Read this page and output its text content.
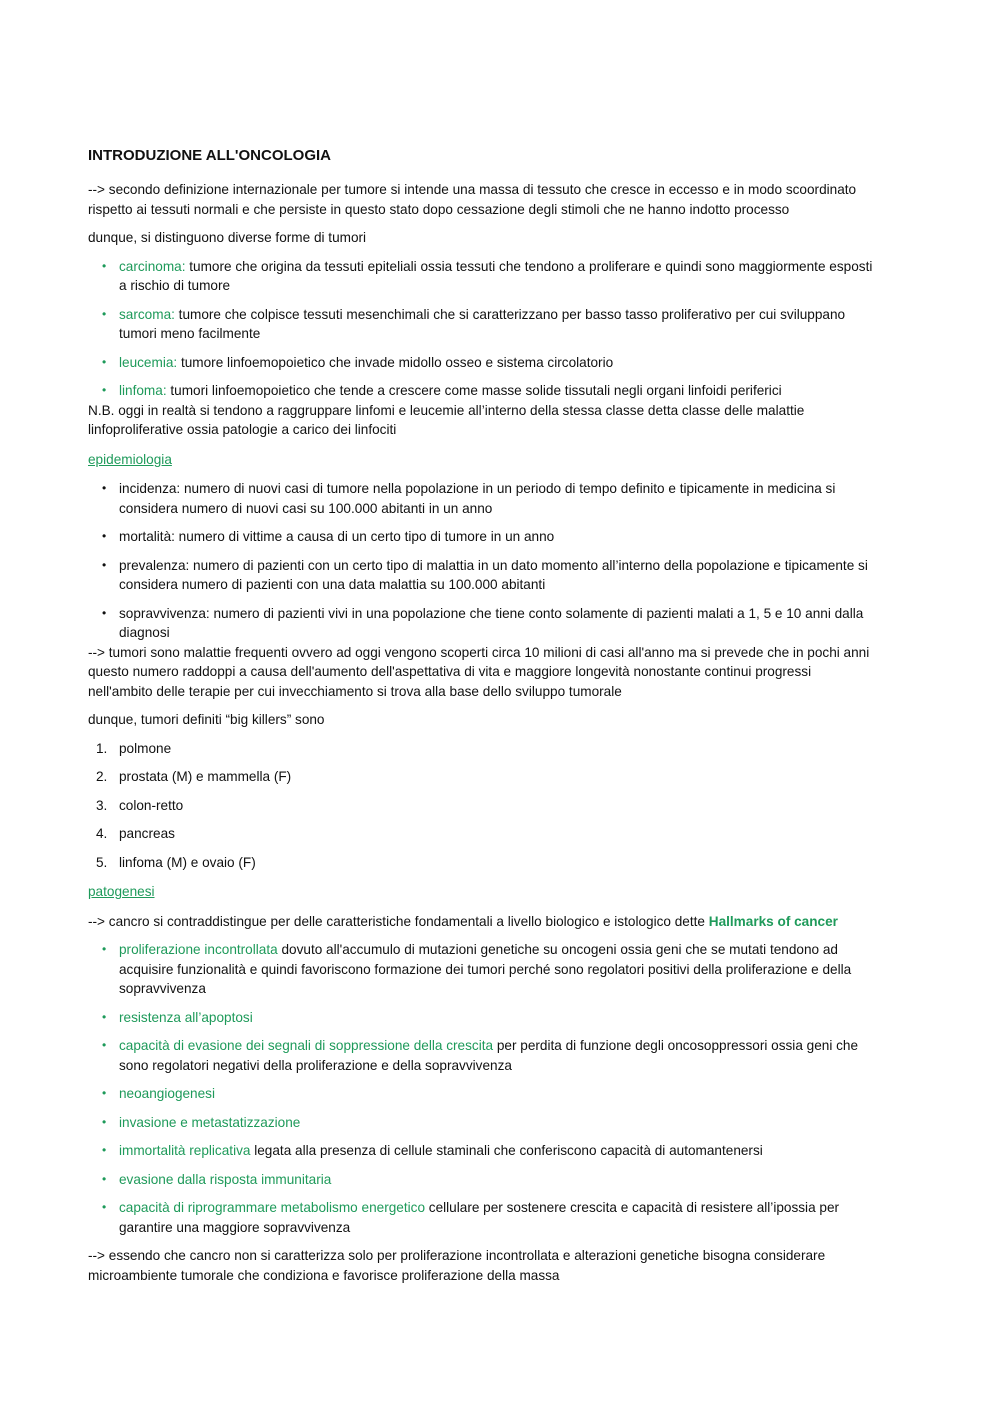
INTRODUZIONE ALL'ONCOLOGIA

--> secondo definizione internazionale per tumore si intende una massa di tessuto che cresce in eccesso e in modo scoordinato rispetto ai tessuti normali e che persiste in questo stato dopo cessazione degli stimoli che ne hanno indotto processo

dunque, si distinguono diverse forme di tumori

• carcinoma: tumore che origina da tessuti epiteliali ossia tessuti che tendono a proliferare e quindi sono maggiormente esposti a rischio di tumore
• sarcoma: tumore che colpisce tessuti mesenchimali che si caratterizzano per basso tasso proliferativo per cui sviluppano tumori meno facilmente
• leucemia: tumore linfoemopoietico che invade midollo osseo e sistema circolatorio
• linfoma: tumori linfoemopoietico che tende a crescere come masse solide tissutali negli organi linfoidi periferici

N.B. oggi in realtà si tendono a raggruppare linfomi e leucemie all’interno della stessa classe detta classe delle malattie linfoproliferative ossia patologie a carico dei linfociti

epidemiologia

• incidenza: numero di nuovi casi di tumore nella popolazione in un periodo di tempo definito e tipicamente in medicina si considera numero di nuovi casi su 100.000 abitanti in un anno
• mortalità: numero di vittime a causa di un certo tipo di tumore in un anno
• prevalenza: numero di pazienti con un certo tipo di malattia in un dato momento all’interno della popolazione e tipicamente si considera numero di pazienti con una data malattia su 100.000 abitanti
• sopravvivenza: numero di pazienti vivi in una popolazione che tiene conto solamente di pazienti malati a 1, 5 e 10 anni dalla diagnosi

--> tumori sono malattie frequenti ovvero ad oggi vengono scoperti circa 10 milioni di casi all'anno ma si prevede che in pochi anni questo numero raddoppi a causa dell'aumento dell'aspettativa di vita e maggiore longevità nonostante continui progressi nell'ambito delle terapie per cui invecchiamento si trova alla base dello sviluppo tumorale

dunque, tumori definiti “big killers” sono

1. polmone
2. prostata (M) e mammella (F)
3. colon-retto
4. pancreas
5. linfoma (M) e ovaio (F)

patogenesi

--> cancro si contraddistingue per delle caratteristiche fondamentali a livello biologico e istologico dette Hallmarks of cancer

• proliferazione incontrollata dovuto all'accumulo di mutazioni genetiche su oncogeni ossia geni che se mutati tendono ad acquisire funzionalità e quindi favoriscono formazione dei tumori perché sono regolatori positivi della proliferazione e della sopravvivenza
• resistenza all’apoptosi
• capacità di evasione dei segnali di soppressione della crescita per perdita di funzione degli oncosoppressori ossia geni che sono regolatori negativi della proliferazione e della sopravvivenza
• neoangiogenesi
• invasione e metastatizzazione
• immortalità replicativa legata alla presenza di cellule staminali che conferiscono capacità di automantenersi
• evasione dalla risposta immunitaria
• capacità di riprogrammare metabolismo energetico cellulare per sostenere crescita e capacità di resistere all’ipossia per garantire una maggiore sopravvivenza

--> essendo che cancro non si caratterizza solo per proliferazione incontrollata e alterazioni genetiche bisogna considerare microambiente tumorale che condiziona e favorisce proliferazione della massa
